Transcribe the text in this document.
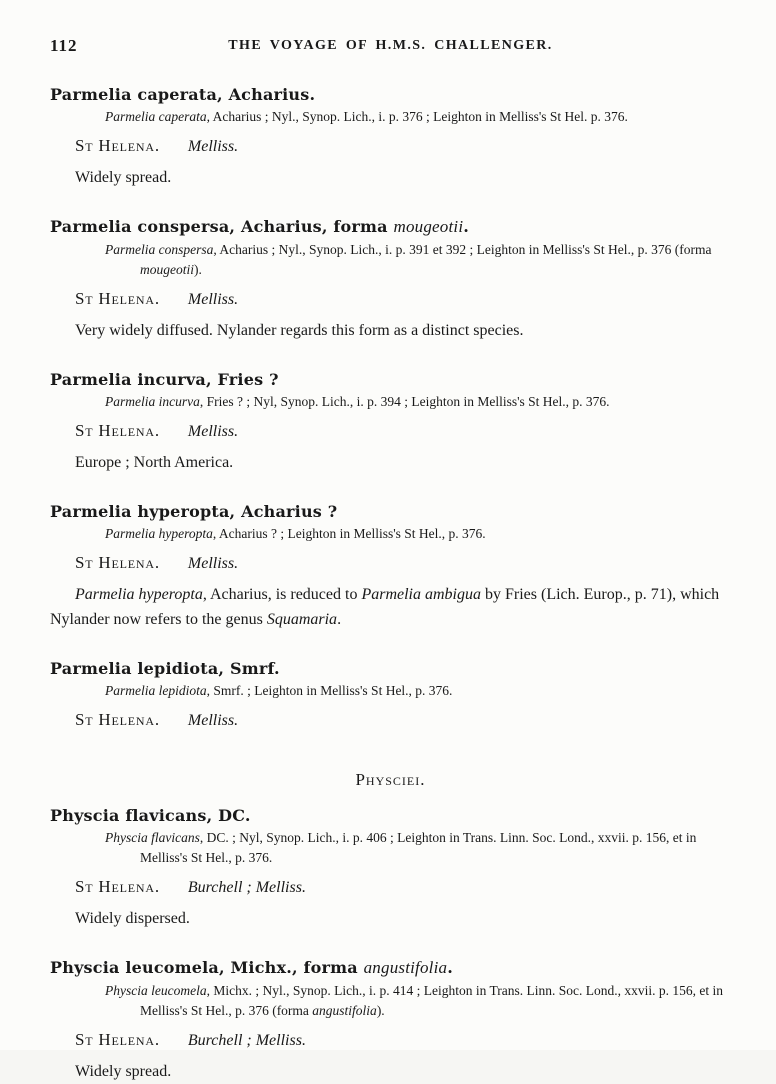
112	THE VOYAGE OF H.M.S. CHALLENGER.
Parmelia caperata, Acharius.

Parmelia caperata, Acharius ; Nyl., Synop. Lich., i. p. 376 ; Leighton in Melliss's St Hel. p. 376.

St Helena. Melliss.

Widely spread.

Parmelia conspersa, Acharius, forma mougeotii.

Parmelia conspersa, Acharius ; Nyl., Synop. Lich., i. p. 391 et 392 ; Leighton in Melliss's St Hel., p. 376 (forma mougeotii).

St Helena. Melliss.

Very widely diffused. Nylander regards this form as a distinct species.

Parmelia incurva, Fries ?

Parmelia incurva, Fries ? ; Nyl, Synop. Lich., i. p. 394 ; Leighton in Melliss's St Hel., p. 376.

St Helena. Melliss.

Europe ; North America.

Parmelia hyperopta, Acharius ?

Parmelia hyperopta, Acharius ? ; Leighton in Melliss's St Hel., p. 376.

St Helena. Melliss.

Parmelia hyperopta, Acharius, is reduced to Parmelia ambigua by Fries (Lich. Europ., p. 71), which Nylander now refers to the genus Squamaria.

Parmelia lepidiota, Smrf.

Parmelia lepidiota, Smrf. ; Leighton in Melliss's St Hel., p. 376.

St Helena. Melliss.

Physciei.
Physcia flavicans, DC.

Physcia flavicans, DC. ; Nyl, Synop. Lich., i. p. 406 ; Leighton in Trans. Linn. Soc. Lond., xxvii. p. 156, et in Melliss's St Hel., p. 376.

St Helena. Burchell ; Melliss.

Widely dispersed.

Physcia leucomela, Michx., forma angustifolia.

Physcia leucomela, Michx. ; Nyl., Synop. Lich., i. p. 414 ; Leighton in Trans. Linn. Soc. Lond., xxvii. p. 156, et in Melliss's St Hel., p. 376 (forma angustifolia).

St Helena. Burchell ; Melliss.

Widely spread.
